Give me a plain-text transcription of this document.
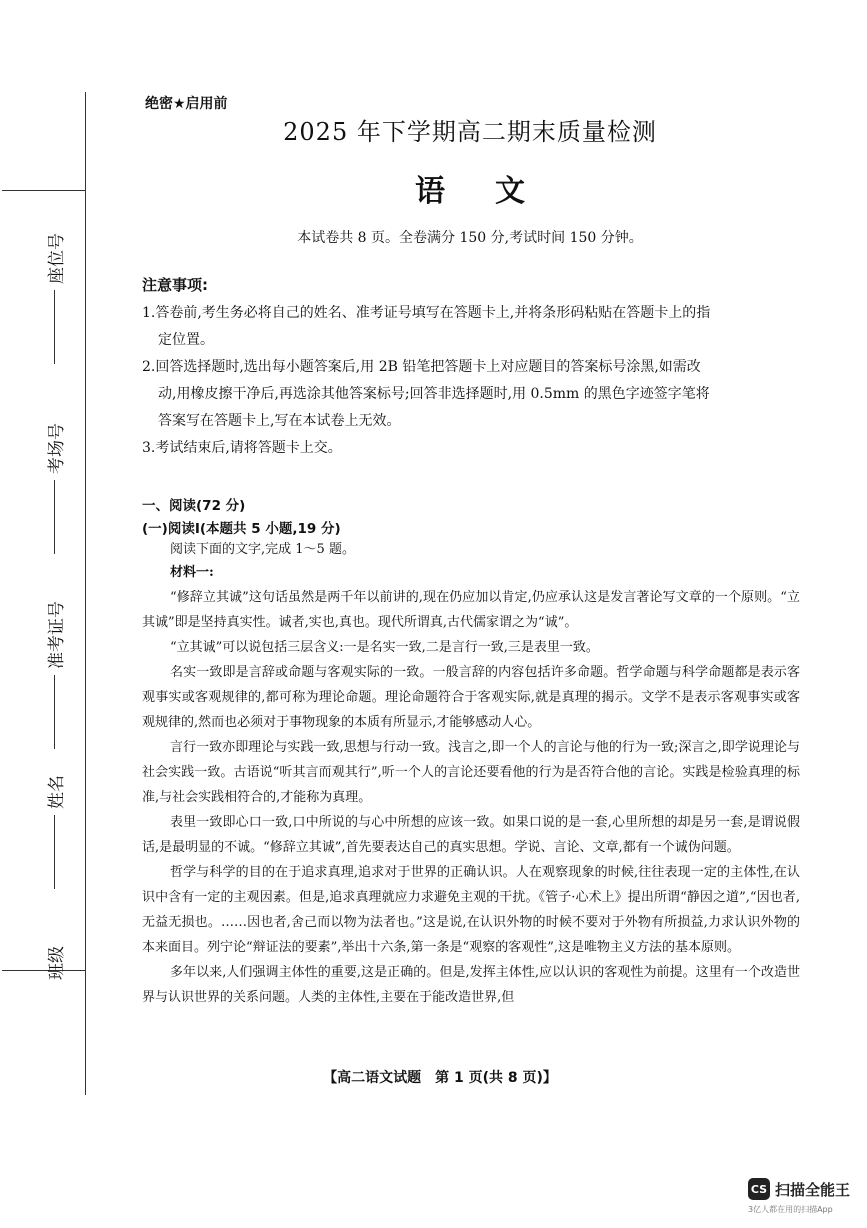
座位号
考场号
准考证号
姓名
班级
绝密★启用前
2025 年下学期高二期末质量检测
语文
本试卷共 8 页。全卷满分 150 分,考试时间 150 分钟。
注意事项:
1.答卷前,考生务必将自己的姓名、准考证号填写在答题卡上,并将条形码粘贴在答题卡上的指
定位置。
2.回答选择题时,选出每小题答案后,用 2B 铅笔把答题卡上对应题目的答案标号涂黑,如需改
动,用橡皮擦干净后,再选涂其他答案标号;回答非选择题时,用 0.5mm 的黑色字迹签字笔将
答案写在答题卡上,写在本试卷上无效。
3.考试结束后,请将答题卡上交。
一、阅读(72 分)
(一)阅读Ⅰ(本题共 5 小题,19 分)
阅读下面的文字,完成 1～5 题。
材料一:
“修辞立其诚”这句话虽然是两千年以前讲的,现在仍应加以肯定,仍应承认这是发言著论写文章的一个原则。“立其诚”即是坚持真实性。诚者,实也,真也。现代所谓真,古代儒家谓之为“诚”。
“立其诚”可以说包括三层含义:一是名实一致,二是言行一致,三是表里一致。
名实一致即是言辞或命题与客观实际的一致。一般言辞的内容包括许多命题。哲学命题与科学命题都是表示客观事实或客观规律的,都可称为理论命题。理论命题符合于客观实际,就是真理的揭示。文学不是表示客观事实或客观规律的,然而也必须对于事物现象的本质有所显示,才能够感动人心。
言行一致亦即理论与实践一致,思想与行动一致。浅言之,即一个人的言论与他的行为一致;深言之,即学说理论与社会实践一致。古语说“听其言而观其行”,听一个人的言论还要看他的行为是否符合他的言论。实践是检验真理的标准,与社会实践相符合的,才能称为真理。
表里一致即心口一致,口中所说的与心中所想的应该一致。如果口说的是一套,心里所想的却是另一套,是谓说假话,是最明显的不诚。“修辞立其诚”,首先要表达自己的真实思想。学说、言论、文章,都有一个诚伪问题。
哲学与科学的目的在于追求真理,追求对于世界的正确认识。人在观察现象的时候,往往表现一定的主体性,在认识中含有一定的主观因素。但是,追求真理就应力求避免主观的干扰。《管子·心术上》提出所谓“静因之道”,“因也者,无益无损也。……因也者,舍己而以物为法者也。”这是说,在认识外物的时候不要对于外物有所损益,力求认识外物的本来面目。列宁论“辩证法的要素”,举出十六条,第一条是“观察的客观性”,这是唯物主义方法的基本原则。
多年以来,人们强调主体性的重要,这是正确的。但是,发挥主体性,应以认识的客观性为前提。这里有一个改造世界与认识世界的关系问题。人类的主体性,主要在于能改造世界,但
【高二语文试题　第 1 页(共 8 页)】
CS 扫描全能王
3亿人都在用的扫描App
